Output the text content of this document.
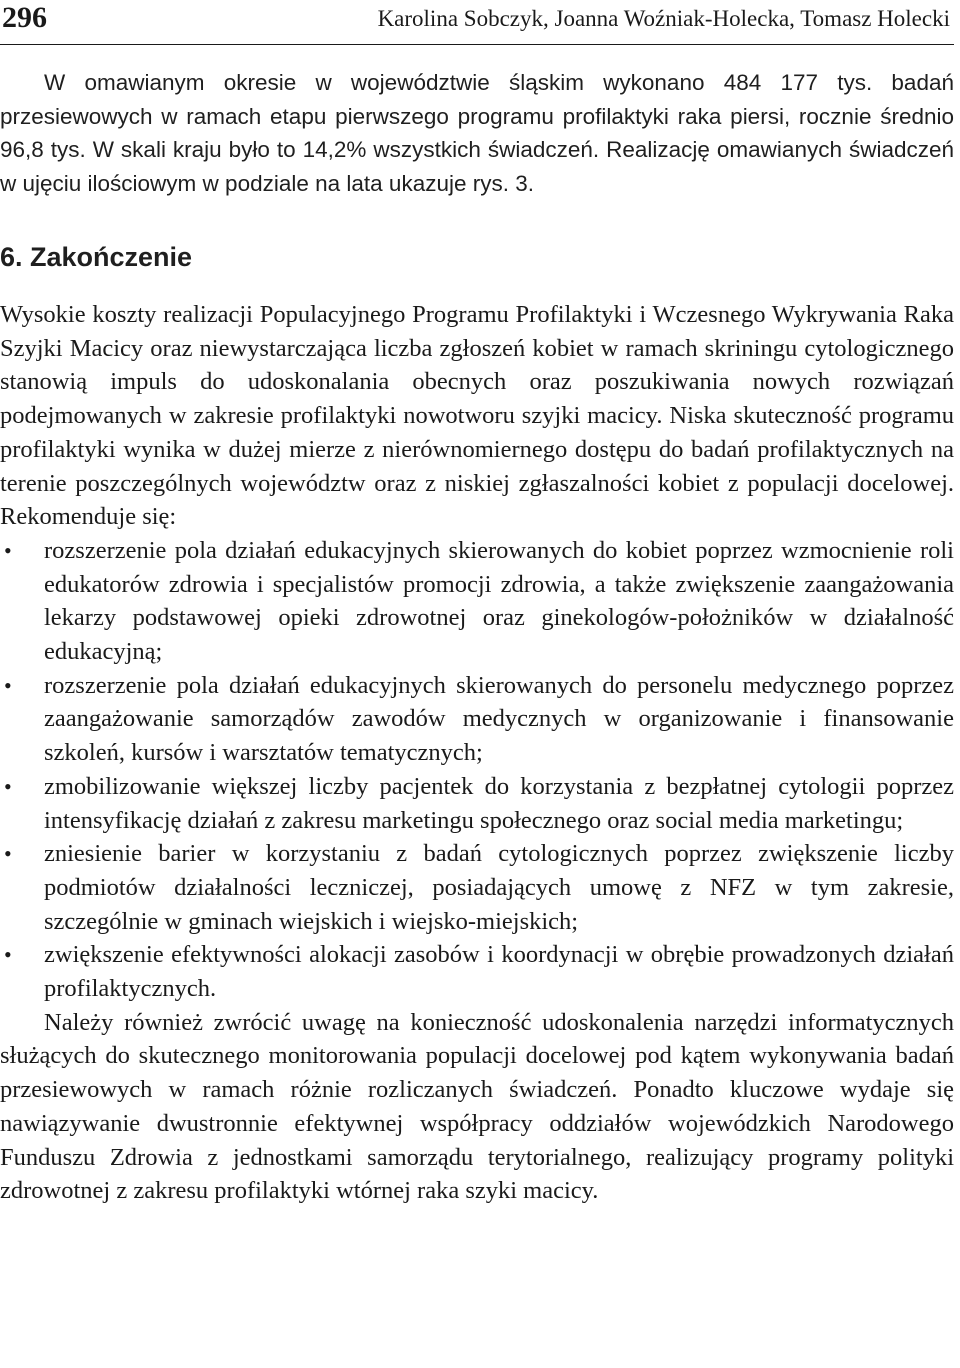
296	Karolina Sobczyk, Joanna Woźniak-Holecka, Tomasz Holecki

W omawianym okresie w województwie śląskim wykonano 484 177 tys. badań przesiewowych w ramach etapu pierwszego programu profilaktyki raka piersi, rocznie średnio 96,8 tys. W skali kraju było to 14,2% wszystkich świadczeń. Realizację omawianych świadczeń w ujęciu ilościowym w podziale na lata ukazuje rys. 3.

6. Zakończenie

Wysokie koszty realizacji Populacyjnego Programu Profilaktyki i Wczesnego Wykrywania Raka Szyjki Macicy oraz niewystarczająca liczba zgłoszeń kobiet w ramach skriningu cytologicznego stanowią impuls do udoskonalania obecnych oraz poszukiwania nowych rozwiązań podejmowanych w zakresie profilaktyki nowotworu szyjki macicy. Niska skuteczność programu profilaktyki wynika w dużej mierze z nierównomiernego dostępu do badań profilaktycznych na terenie poszczególnych województw oraz z niskiej zgłaszalności kobiet z populacji docelowej. Rekomenduje się:

• rozszerzenie pola działań edukacyjnych skierowanych do kobiet poprzez wzmocnienie roli edukatorów zdrowia i specjalistów promocji zdrowia, a także zwiększenie zaangażowania lekarzy podstawowej opieki zdrowotnej oraz ginekologów-położników w działalność edukacyjną;
• rozszerzenie pola działań edukacyjnych skierowanych do personelu medycznego poprzez zaangażowanie samorządów zawodów medycznych w organizowanie i finansowanie szkoleń, kursów i warsztatów tematycznych;
• zmobilizowanie większej liczby pacjentek do korzystania z bezpłatnej cytologii poprzez intensyfikację działań z zakresu marketingu społecznego oraz social media marketingu;
• zniesienie barier w korzystaniu z badań cytologicznych poprzez zwiększenie liczby podmiotów działalności leczniczej, posiadających umowę z NFZ w tym zakresie, szczególnie w gminach wiejskich i wiejsko-miejskich;
• zwiększenie efektywności alokacji zasobów i koordynacji w obrębie prowadzonych działań profilaktycznych.

Należy również zwrócić uwagę na konieczność udoskonalenia narzędzi informatycznych służących do skutecznego monitorowania populacji docelowej pod kątem wykonywania badań przesiewowych w ramach różnie rozliczanych świadczeń. Ponadto kluczowe wydaje się nawiązywanie dwustronnie efektywnej współpracy oddziałów wojewódzkich Narodowego Funduszu Zdrowia z jednostkami samorządu terytorialnego, realizujący programy polityki zdrowotnej z zakresu profilaktyki wtórnej raka szyki macicy.
